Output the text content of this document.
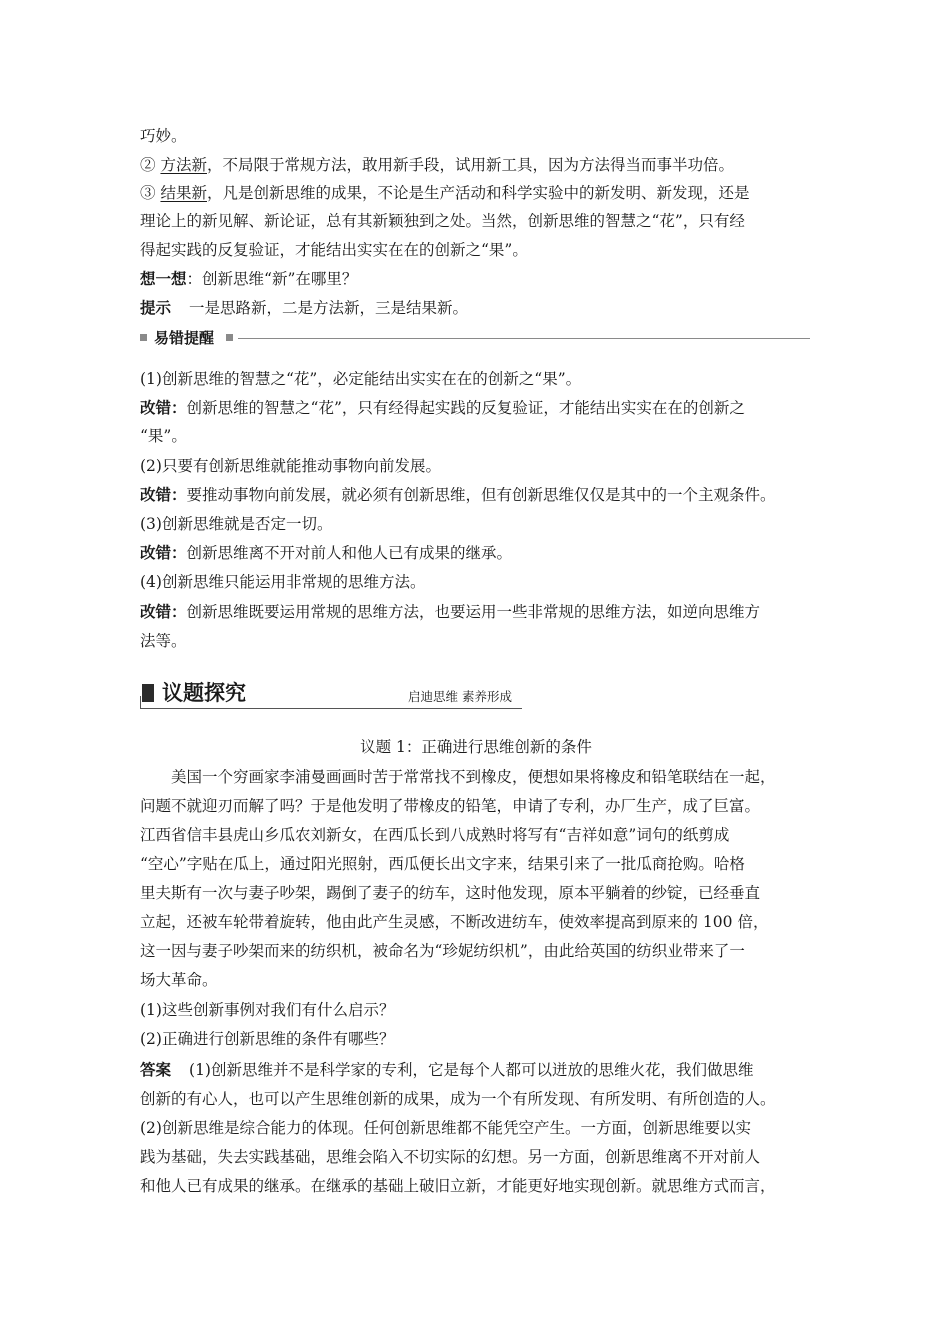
巧妙。
② 方法新，不局限于常规方法，敢用新手段，试用新工具，因为方法得当而事半功倍。
③ 结果新，凡是创新思维的成果，不论是生产活动和科学实验中的新发明、新发现，还是
理论上的新见解、新论证，总有其新颖独到之处。当然，创新思维的智慧之“花”，只有经
得起实践的反复验证，才能结出实实在在的创新之“果”。
想一想：创新思维“新”在哪里？
提示 一是思路新，二是方法新，三是结果新。
易错提醒
(1)创新思维的智慧之“花”，必定能结出实实在在的创新之“果”。
改错：创新思维的智慧之“花”，只有经得起实践的反复验证，才能结出实实在在的创新之
“果”。
(2)只要有创新思维就能推动事物向前发展。
改错：要推动事物向前发展，就必须有创新思维，但有创新思维仅仅是其中的一个主观条件。
(3)创新思维就是否定一切。
改错：创新思维离不开对前人和他人已有成果的继承。
(4)创新思维只能运用非常规的思维方法。
改错：创新思维既要运用常规的思维方法，也要运用一些非常规的思维方法，如逆向思维方
法等。
议题探究	启迪思维 素养形成
议题 1：正确进行思维创新的条件
美国一个穷画家李浦曼画画时苦于常常找不到橡皮，便想如果将橡皮和铅笔联结在一起，
问题不就迎刃而解了吗？于是他发明了带橡皮的铅笔，申请了专利，办厂生产，成了巨富。
江西省信丰县虎山乡瓜农刘新女，在西瓜长到八成熟时将写有“吉祥如意”词句的纸剪成
“空心”字贴在瓜上，通过阳光照射，西瓜便长出文字来，结果引来了一批瓜商抢购。哈格
里夫斯有一次与妻子吵架，踢倒了妻子的纺车，这时他发现，原本平躺着的纱锭，已经垂直
立起，还被车轮带着旋转，他由此产生灵感，不断改进纺车，使效率提高到原来的 100 倍，
这一因与妻子吵架而来的纺织机，被命名为“珍妮纺织机”，由此给英国的纺织业带来了一
场大革命。
(1)这些创新事例对我们有什么启示？
(2)正确进行创新思维的条件有哪些？
答案 (1)创新思维并不是科学家的专利，它是每个人都可以迸放的思维火花，我们做思维
创新的有心人，也可以产生思维创新的成果，成为一个有所发现、有所发明、有所创造的人。
(2)创新思维是综合能力的体现。任何创新思维都不能凭空产生。一方面，创新思维要以实
践为基础，失去实践基础，思维会陷入不切实际的幻想。另一方面，创新思维离不开对前人
和他人已有成果的继承。在继承的基础上破旧立新，才能更好地实现创新。就思维方式而言，
